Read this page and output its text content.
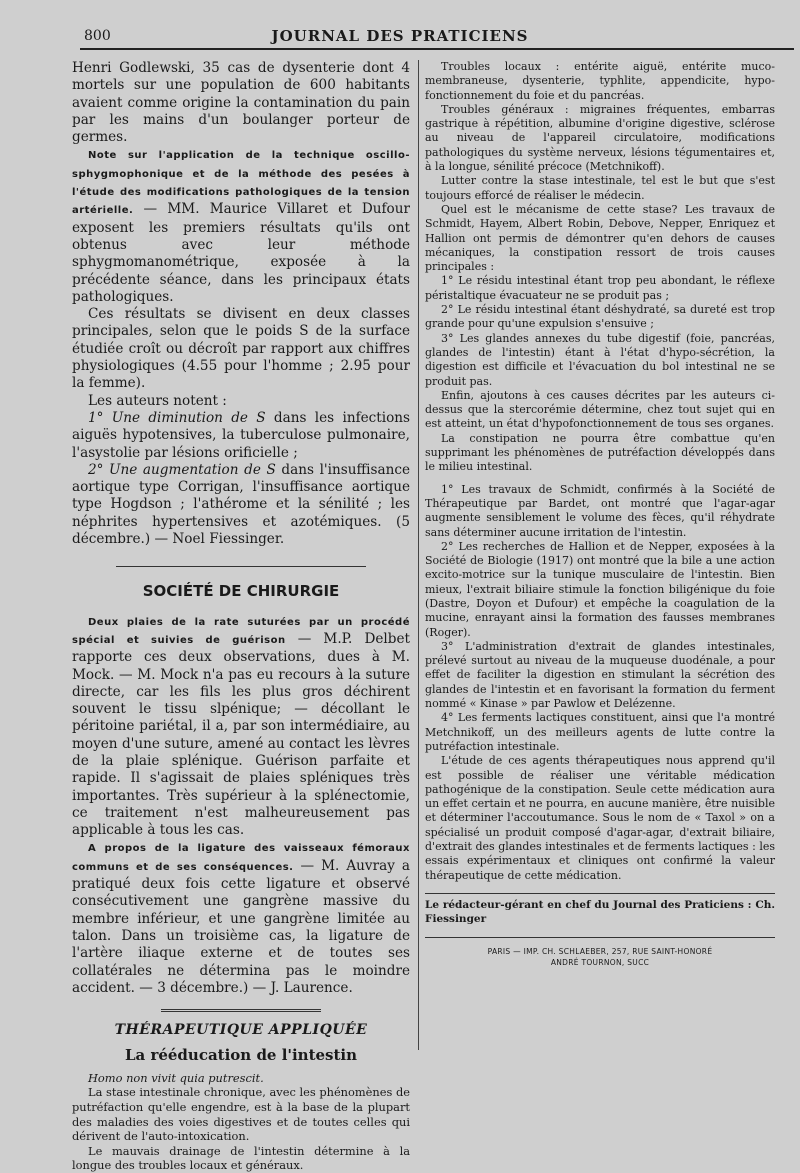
800	JOURNAL DES PRATICIENS

Henri Godlewski, 35 cas de dysenterie dont 4 mortels sur une population de 600 habitants avaient comme origine la contamination du pain par les mains d'un boulanger porteur de germes.

Note sur l'application de la technique oscillo-sphygmophonique et de la méthode des pesées à l'étude des modifications pathologiques de la tension artérielle. — MM. Maurice Villaret et Dufour exposent les premiers résultats qu'ils ont obtenus avec leur méthode sphygmomanométrique, exposée à la précédente séance, dans les principaux états pathologiques.

Ces résultats se divisent en deux classes principales, selon que le poids S de la surface étudiée croît ou décroît par rapport aux chiffres physiologiques (4.55 pour l'homme ; 2.95 pour la femme).

Les auteurs notent :

1° Une diminution de S dans les infections aiguës hypotensives, la tuberculose pulmonaire, l'asystolie par lésions orificielle ;

2° Une augmentation de S dans l'insuffisance aortique type Corrigan, l'insuffisance aortique type Hogdson ; l'athérome et la sénilité ; les néphrites hypertensives et azotémiques. (5 décembre.) — Noel Fiessinger.

SOCIÉTÉ DE CHIRURGIE

Deux plaies de la rate suturées par un procédé spécial et suivies de guérison — M.P. Delbet rapporte ces deux observations, dues à M. Mock. — M. Mock n'a pas eu recours à la suture directe, car les fils les plus gros déchirent souvent le tissu slpénique; — décollant le péritoine pariétal, il a, par son intermédiaire, au moyen d'une suture, amené au contact les lèvres de la plaie splénique. Guérison parfaite et rapide. Il s'agissait de plaies spléniques très importantes. Très supérieur à la splénectomie, ce traitement n'est malheureusement pas applicable à tous les cas.

A propos de la ligature des vaisseaux fémoraux communs et de ses conséquences. — M. Auvray a pratiqué deux fois cette ligature et observé consécutivement une gangrène massive du membre inférieur, et une gangrène limitée au talon. Dans un troisième cas, la ligature de l'artère iliaque externe et de toutes ses collatérales ne détermina pas le moindre accident. — 3 décembre.) — J. Laurence.

THÉRAPEUTIQUE APPLIQUÉE
La rééducation de l'intestin

Homo non vivit quia putrescit.

La stase intestinale chronique, avec les phénomènes de putréfaction qu'elle engendre, est à la base de la plupart des maladies des voies digestives et de toutes celles qui dérivent de l'auto-intoxication.

Le mauvais drainage de l'intestin détermine à la longue des troubles locaux et généraux.

Troubles locaux : entérite aiguë, entérite muco-membraneuse, dysenterie, typhlite, appendicite, hypo-fonctionnement du foie et du pancréas.

Troubles généraux : migraines fréquentes, embarras gastrique à répétition, albumine d'origine digestive, sclérose au niveau de l'appareil circulatoire, modifications pathologiques du système nerveux, lésions tégumentaires et, à la longue, sénilité précoce (Metchnikoff).

Lutter contre la stase intestinale, tel est le but que s'est toujours efforcé de réaliser le médecin.

Quel est le mécanisme de cette stase? Les travaux de Schmidt, Hayem, Albert Robin, Debove, Nepper, Enriquez et Hallion ont permis de démontrer qu'en dehors de causes mécaniques, la constipation ressort de trois causes principales :

1° Le résidu intestinal étant trop peu abondant, le réflexe péristaltique évacuateur ne se produit pas ;

2° Le résidu intestinal étant déshydraté, sa dureté est trop grande pour qu'une expulsion s'ensuive ;

3° Les glandes annexes du tube digestif (foie, pancréas, glandes de l'intestin) étant à l'état d'hypo-sécrétion, la digestion est difficile et l'évacuation du bol intestinal ne se produit pas.

Enfin, ajoutons à ces causes décrites par les auteurs ci-dessus que la stercorémie détermine, chez tout sujet qui en est atteint, un état d'hypofonctionnement de tous ses organes.

La constipation ne pourra être combattue qu'en supprimant les phénomènes de putréfaction développés dans le milieu intestinal.

1° Les travaux de Schmidt, confirmés à la Société de Thérapeutique par Bardet, ont montré que l'agar-agar augmente sensiblement le volume des fèces, qu'il réhydrate sans déterminer aucune irritation de l'intestin.

2° Les recherches de Hallion et de Nepper, exposées à la Société de Biologie (1917) ont montré que la bile a une action excito-motrice sur la tunique musculaire de l'intestin. Bien mieux, l'extrait biliaire stimule la fonction biligénique du foie (Dastre, Doyon et Dufour) et empêche la coagulation de la mucine, enrayant ainsi la formation des fausses membranes (Roger).

3° L'administration d'extrait de glandes intestinales, prélevé surtout au niveau de la muqueuse duodénale, a pour effet de faciliter la digestion en stimulant la sécrétion des glandes de l'intestin et en favorisant la formation du ferment nommé « Kinase » par Pawlow et Delézenne.

4° Les ferments lactiques constituent, ainsi que l'a montré Metchnikoff, un des meilleurs agents de lutte contre la putréfaction intestinale.

L'étude de ces agents thérapeutiques nous apprend qu'il est possible de réaliser une véritable médication pathogénique de la constipation. Seule cette médication aura un effet certain et ne pourra, en aucune manière, être nuisible et déterminer l'accoutumance. Sous le nom de « Taxol » on a spécialisé un produit composé d'agar-agar, d'extrait biliaire, d'extrait des glandes intestinales et de ferments lactiques : les essais expérimentaux et cliniques ont confirmé la valeur thérapeutique de cette médication.

Le rédacteur-gérant en chef du Journal des Praticiens : Ch. Fiessinger

PARIS — IMP. CH. SCHLAEBER, 257, RUE SAINT-HONORÉ
ANDRÉ TOURNON, SUCC
